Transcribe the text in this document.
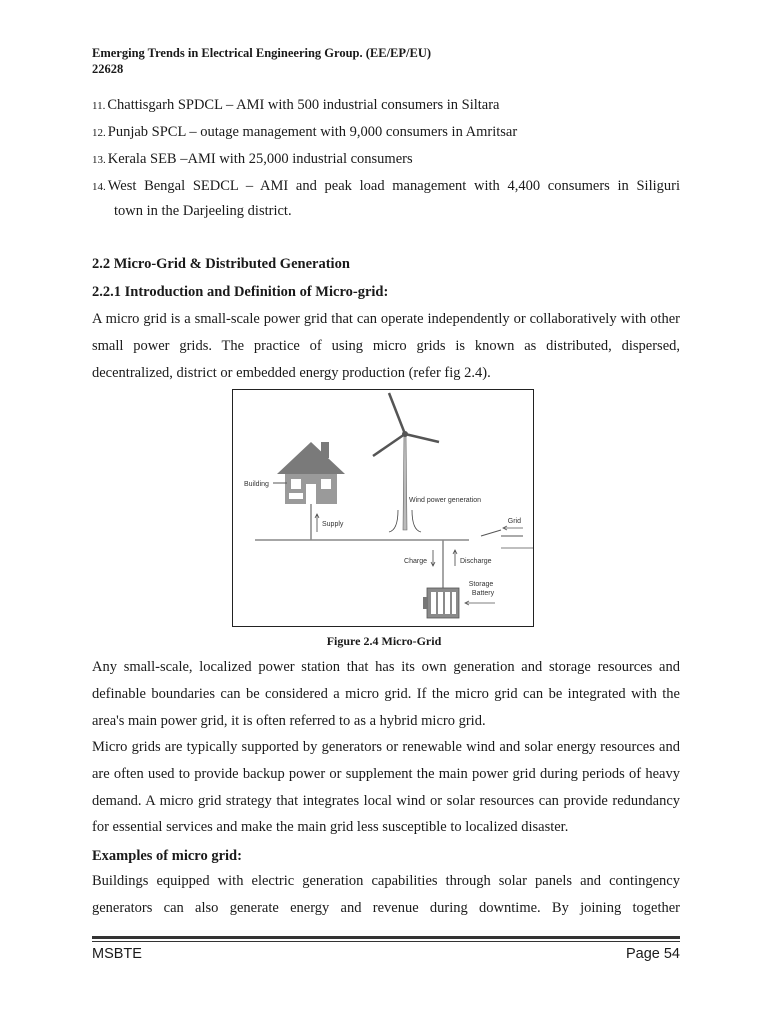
Emerging Trends in Electrical Engineering Group. (EE/EP/EU)
22628
11. Chattisgarh SPDCL – AMI with 500 industrial consumers in Siltara
12. Punjab SPCL – outage management with 9,000 consumers in Amritsar
13. Kerala SEB –AMI with 25,000 industrial consumers
14. West Bengal SEDCL – AMI and peak load management with 4,400 consumers in Siliguri
town in the Darjeeling district.
2.2 Micro-Grid & Distributed Generation
2.2.1 Introduction and Definition of Micro-grid:

A micro grid is a small-scale power grid that can operate independently or collaboratively with other small power grids. The practice of using micro grids is known as distributed, dispersed, decentralized, district or embedded energy production (refer fig 2.4).

Building
Wind power generation
Grid
Supply
Charge	Discharge
Storage
Battery
Figure 2.4 Micro-Grid

Any small-scale, localized power station that has its own generation and storage resources and definable boundaries can be considered a micro grid. If the micro grid can be integrated with the area's main power grid, it is often referred to as a hybrid micro grid.

Micro grids are typically supported by generators or renewable wind and solar energy resources and are often used to provide backup power or supplement the main power grid during periods of heavy demand. A micro grid strategy that integrates local wind or solar resources can provide redundancy for essential services and make the main grid less susceptible to localized disaster.

Examples of micro grid:

Buildings equipped with electric generation capabilities through solar panels and contingency generators can also generate energy and revenue during downtime. By joining together

MSBTE	Page 54
